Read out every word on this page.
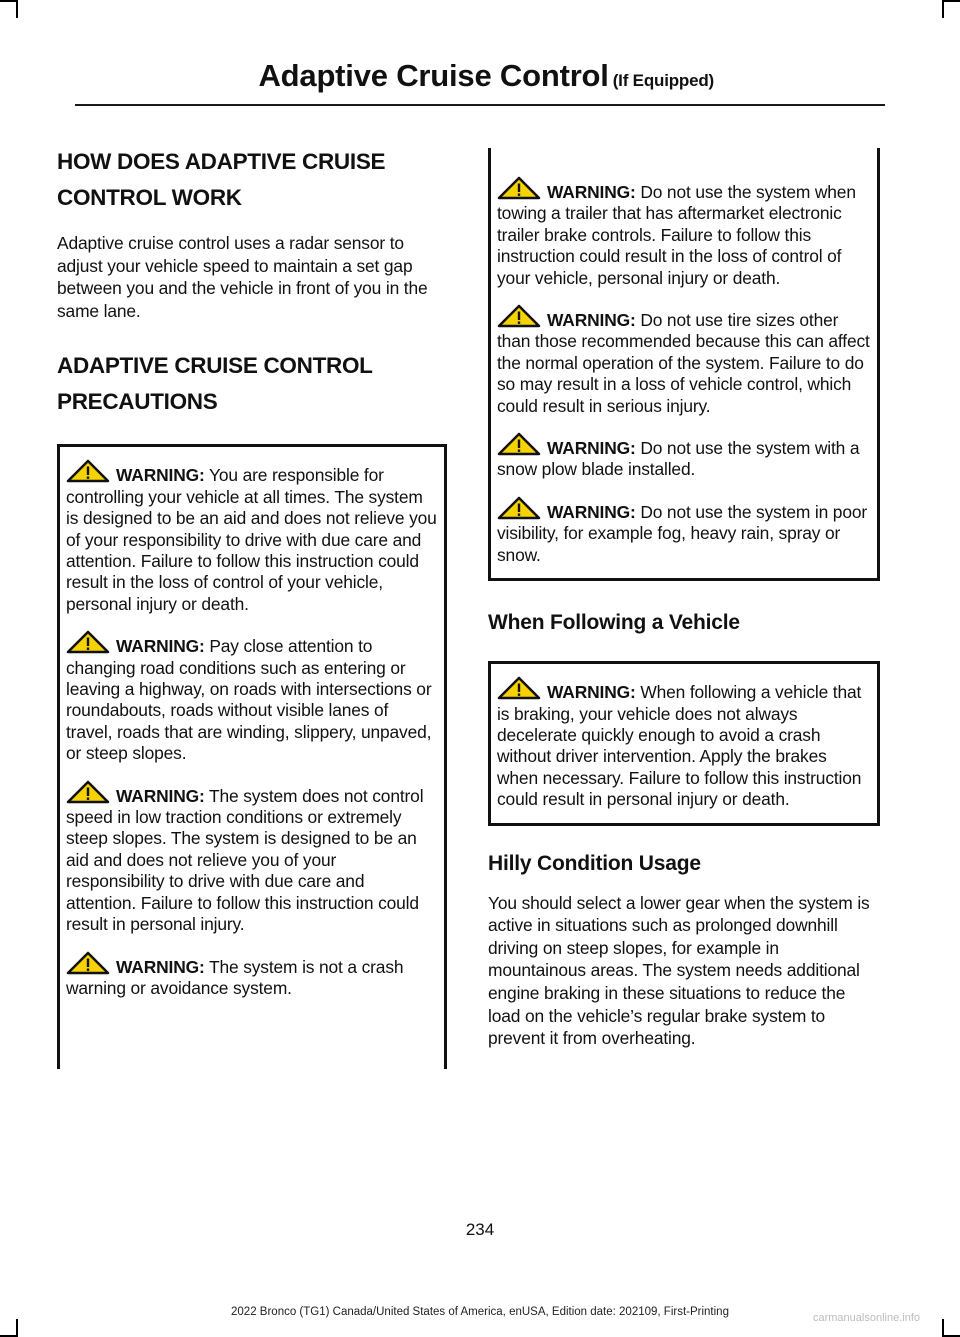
Adaptive Cruise Control (If Equipped)
HOW DOES ADAPTIVE CRUISE
CONTROL WORK

Adaptive cruise control uses a radar sensor to adjust your vehicle speed to maintain a set gap between you and the vehicle in front of you in the same lane.

ADAPTIVE CRUISE CONTROL
PRECAUTIONS

WARNING: You are responsible for controlling your vehicle at all times. The system is designed to be an aid and does not relieve you of your responsibility to drive with due care and attention. Failure to follow this instruction could result in the loss of control of your vehicle, personal injury or death.

WARNING: Pay close attention to changing road conditions such as entering or leaving a highway, on roads with intersections or roundabouts, roads without visible lanes of travel, roads that are winding, slippery, unpaved, or steep slopes.

WARNING: The system does not control speed in low traction conditions or extremely steep slopes. The system is designed to be an aid and does not relieve you of your responsibility to drive with due care and attention. Failure to follow this instruction could result in personal injury.

WARNING: The system is not a crash warning or avoidance system.

WARNING: Do not use the system when towing a trailer that has aftermarket electronic trailer brake controls. Failure to follow this instruction could result in the loss of control of your vehicle, personal injury or death.

WARNING: Do not use tire sizes other than those recommended because this can affect the normal operation of the system. Failure to do so may result in a loss of vehicle control, which could result in serious injury.

WARNING: Do not use the system with a snow plow blade installed.

WARNING: Do not use the system in poor visibility, for example fog, heavy rain, spray or snow.

When Following a Vehicle

WARNING: When following a vehicle that is braking, your vehicle does not always decelerate quickly enough to avoid a crash without driver intervention. Apply the brakes when necessary. Failure to follow this instruction could result in personal injury or death.

Hilly Condition Usage

You should select a lower gear when the system is active in situations such as prolonged downhill driving on steep slopes, for example in mountainous areas. The system needs additional engine braking in these situations to reduce the load on the vehicle’s regular brake system to prevent it from overheating.

234
2022 Bronco (TG1) Canada/United States of America, enUSA, Edition date: 202109, First-Printing	carmanualsonline.info
